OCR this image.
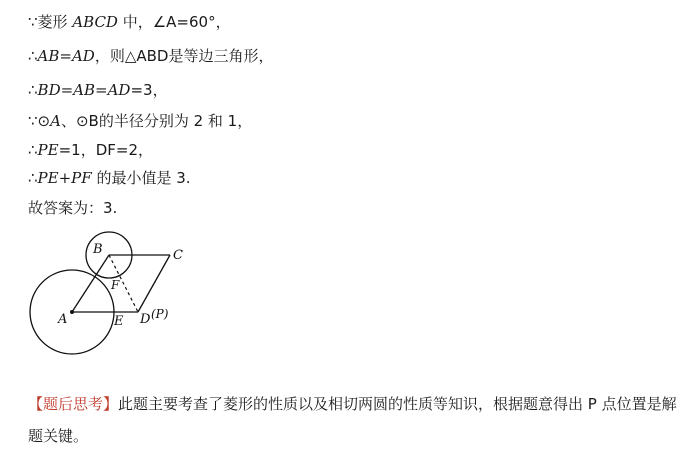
∵菱形 ABCD 中，∠A=60°，
∴AB=AD，则△ABD是等边三角形，
∴BD=AB=AD=3，
∵⊙A、⊙B的半径分别为 2 和 1，
∴PE=1，DF=2，
∴PE+PF 的最小值是 3.
故答案为：3.
A
B	C
D (P)
E
F
【题后思考】此题主要考查了菱形的性质以及相切两圆的性质等知识，根据题意得出 P 点位置是解题关键。
